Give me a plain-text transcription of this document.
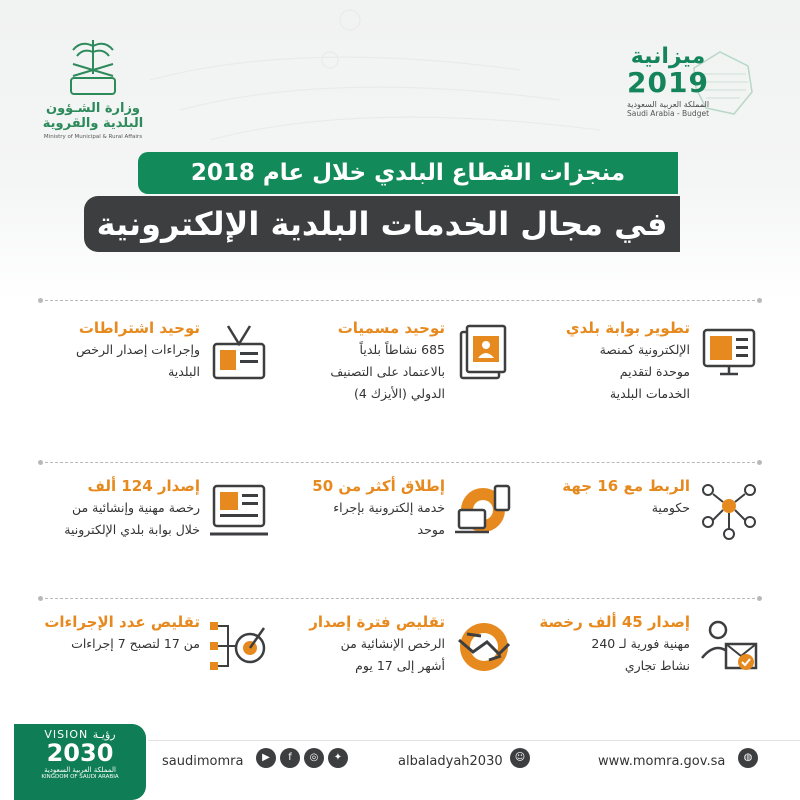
وزارة الشـؤون البلدية والقروية
Ministry of Municipal & Rural Affairs
ميزانية
2019
المملكة العربية السعودية
Saudi Arabia - Budget
منجزات القطاع البلدي خلال عام 2018
في مجال الخدمات البلدية الإلكترونية
تطوير بوابة بلدي
الإلكترونية كمنصة
موحدة لتقديم
الخدمات البلدية
توحيد مسميات
685 نشاطاً بلدياً
بالاعتماد على التصنيف
الدولي (الأيزك 4)
توحيد اشتراطات
وإجراءات إصدار الرخص
البلدية
الربط مع 16 جهة
حكومية
إطلاق أكثر من 50
خدمة إلكترونية بإجراء
موحد
إصدار 124 ألف
رخصة مهنية وإنشائية من
خلال بوابة بلدي الإلكترونية
إصدار 45 ألف رخصة
مهنية فورية لـ 240
نشاط تجاري
تقليص فترة إصدار
الرخص الإنشائية من
أشهر إلى 17 يوم
تقليص عدد الإجراءات
من 17 لتصبح 7 إجراءات
VISION رؤيـة
2030
المملكة العربية السعودية
KINGDOM OF SAUDI ARABIA
saudimomra	▶	f	◎	✦	albaladyah2030	☺	www.momra.gov.sa	◍
